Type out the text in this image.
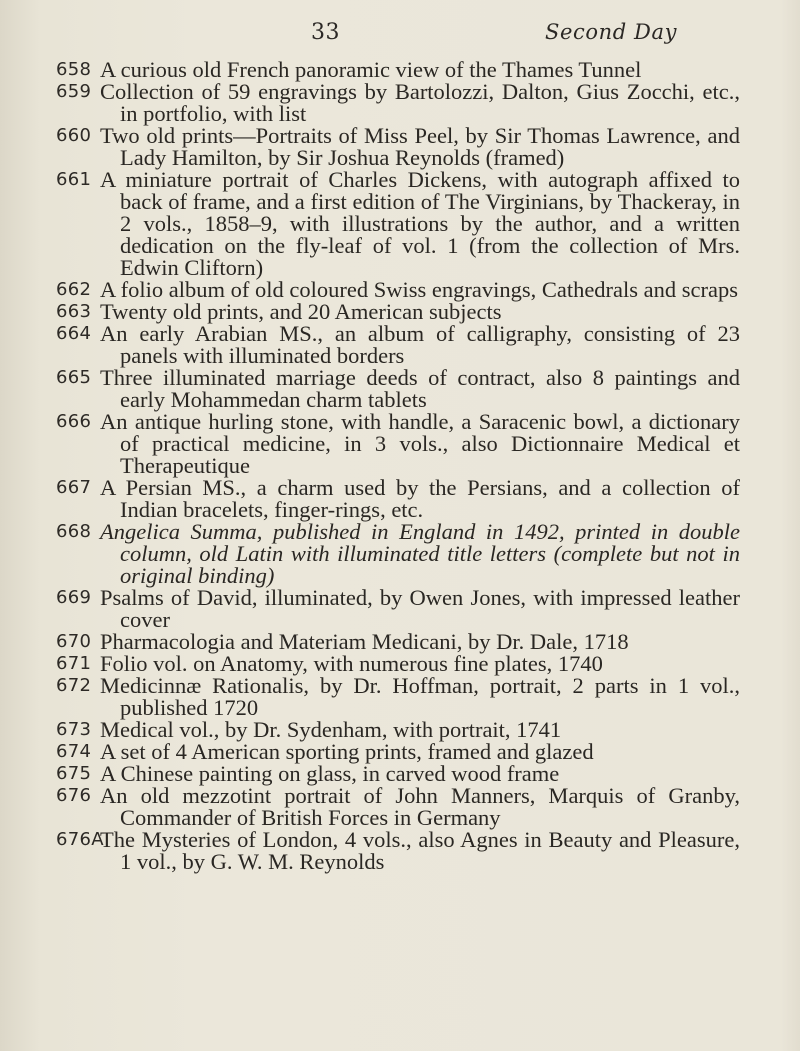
33	Second Day
658 A curious old French panoramic view of the Thames Tunnel
659 Collection of 59 engravings by Bartolozzi, Dalton, Gius Zocchi, etc., in portfolio, with list
660 Two old prints—Portraits of Miss Peel, by Sir Thomas Lawrence, and Lady Hamilton, by Sir Joshua Reynolds (framed)
661 A miniature portrait of Charles Dickens, with autograph affixed to back of frame, and a first edition of The Virginians, by Thackeray, in 2 vols., 1858–9, with illustrations by the author, and a written dedication on the fly-leaf of vol. 1 (from the collection of Mrs. Edwin Cliftorn)
662 A folio album of old coloured Swiss engravings, Cathedrals and scraps
663 Twenty old prints, and 20 American subjects
664 An early Arabian MS., an album of calligraphy, consisting of 23 panels with illuminated borders
665 Three illuminated marriage deeds of contract, also 8 paintings and early Mohammedan charm tablets
666 An antique hurling stone, with handle, a Saracenic bowl, a dictionary of practical medicine, in 3 vols., also Dictionnaire Medical et Therapeutique
667 A Persian MS., a charm used by the Persians, and a collection of Indian bracelets, finger-rings, etc.
668 Angelica Summa, published in England in 1492, printed in double column, old Latin with illuminated title letters (complete but not in original binding)
669 Psalms of David, illuminated, by Owen Jones, with impressed leather cover
670 Pharmacologia and Materiam Medicani, by Dr. Dale, 1718
671 Folio vol. on Anatomy, with numerous fine plates, 1740
672 Medicinnæ Rationalis, by Dr. Hoffman, portrait, 2 parts in 1 vol., published 1720
673 Medical vol., by Dr. Sydenham, with portrait, 1741
674 A set of 4 American sporting prints, framed and glazed
675 A Chinese painting on glass, in carved wood frame
676 An old mezzotint portrait of John Manners, Marquis of Granby, Commander of British Forces in Germany
676A
The Mysteries of London, 4 vols., also Agnes in Beauty and Pleasure, 1 vol., by G. W. M. Reynolds
